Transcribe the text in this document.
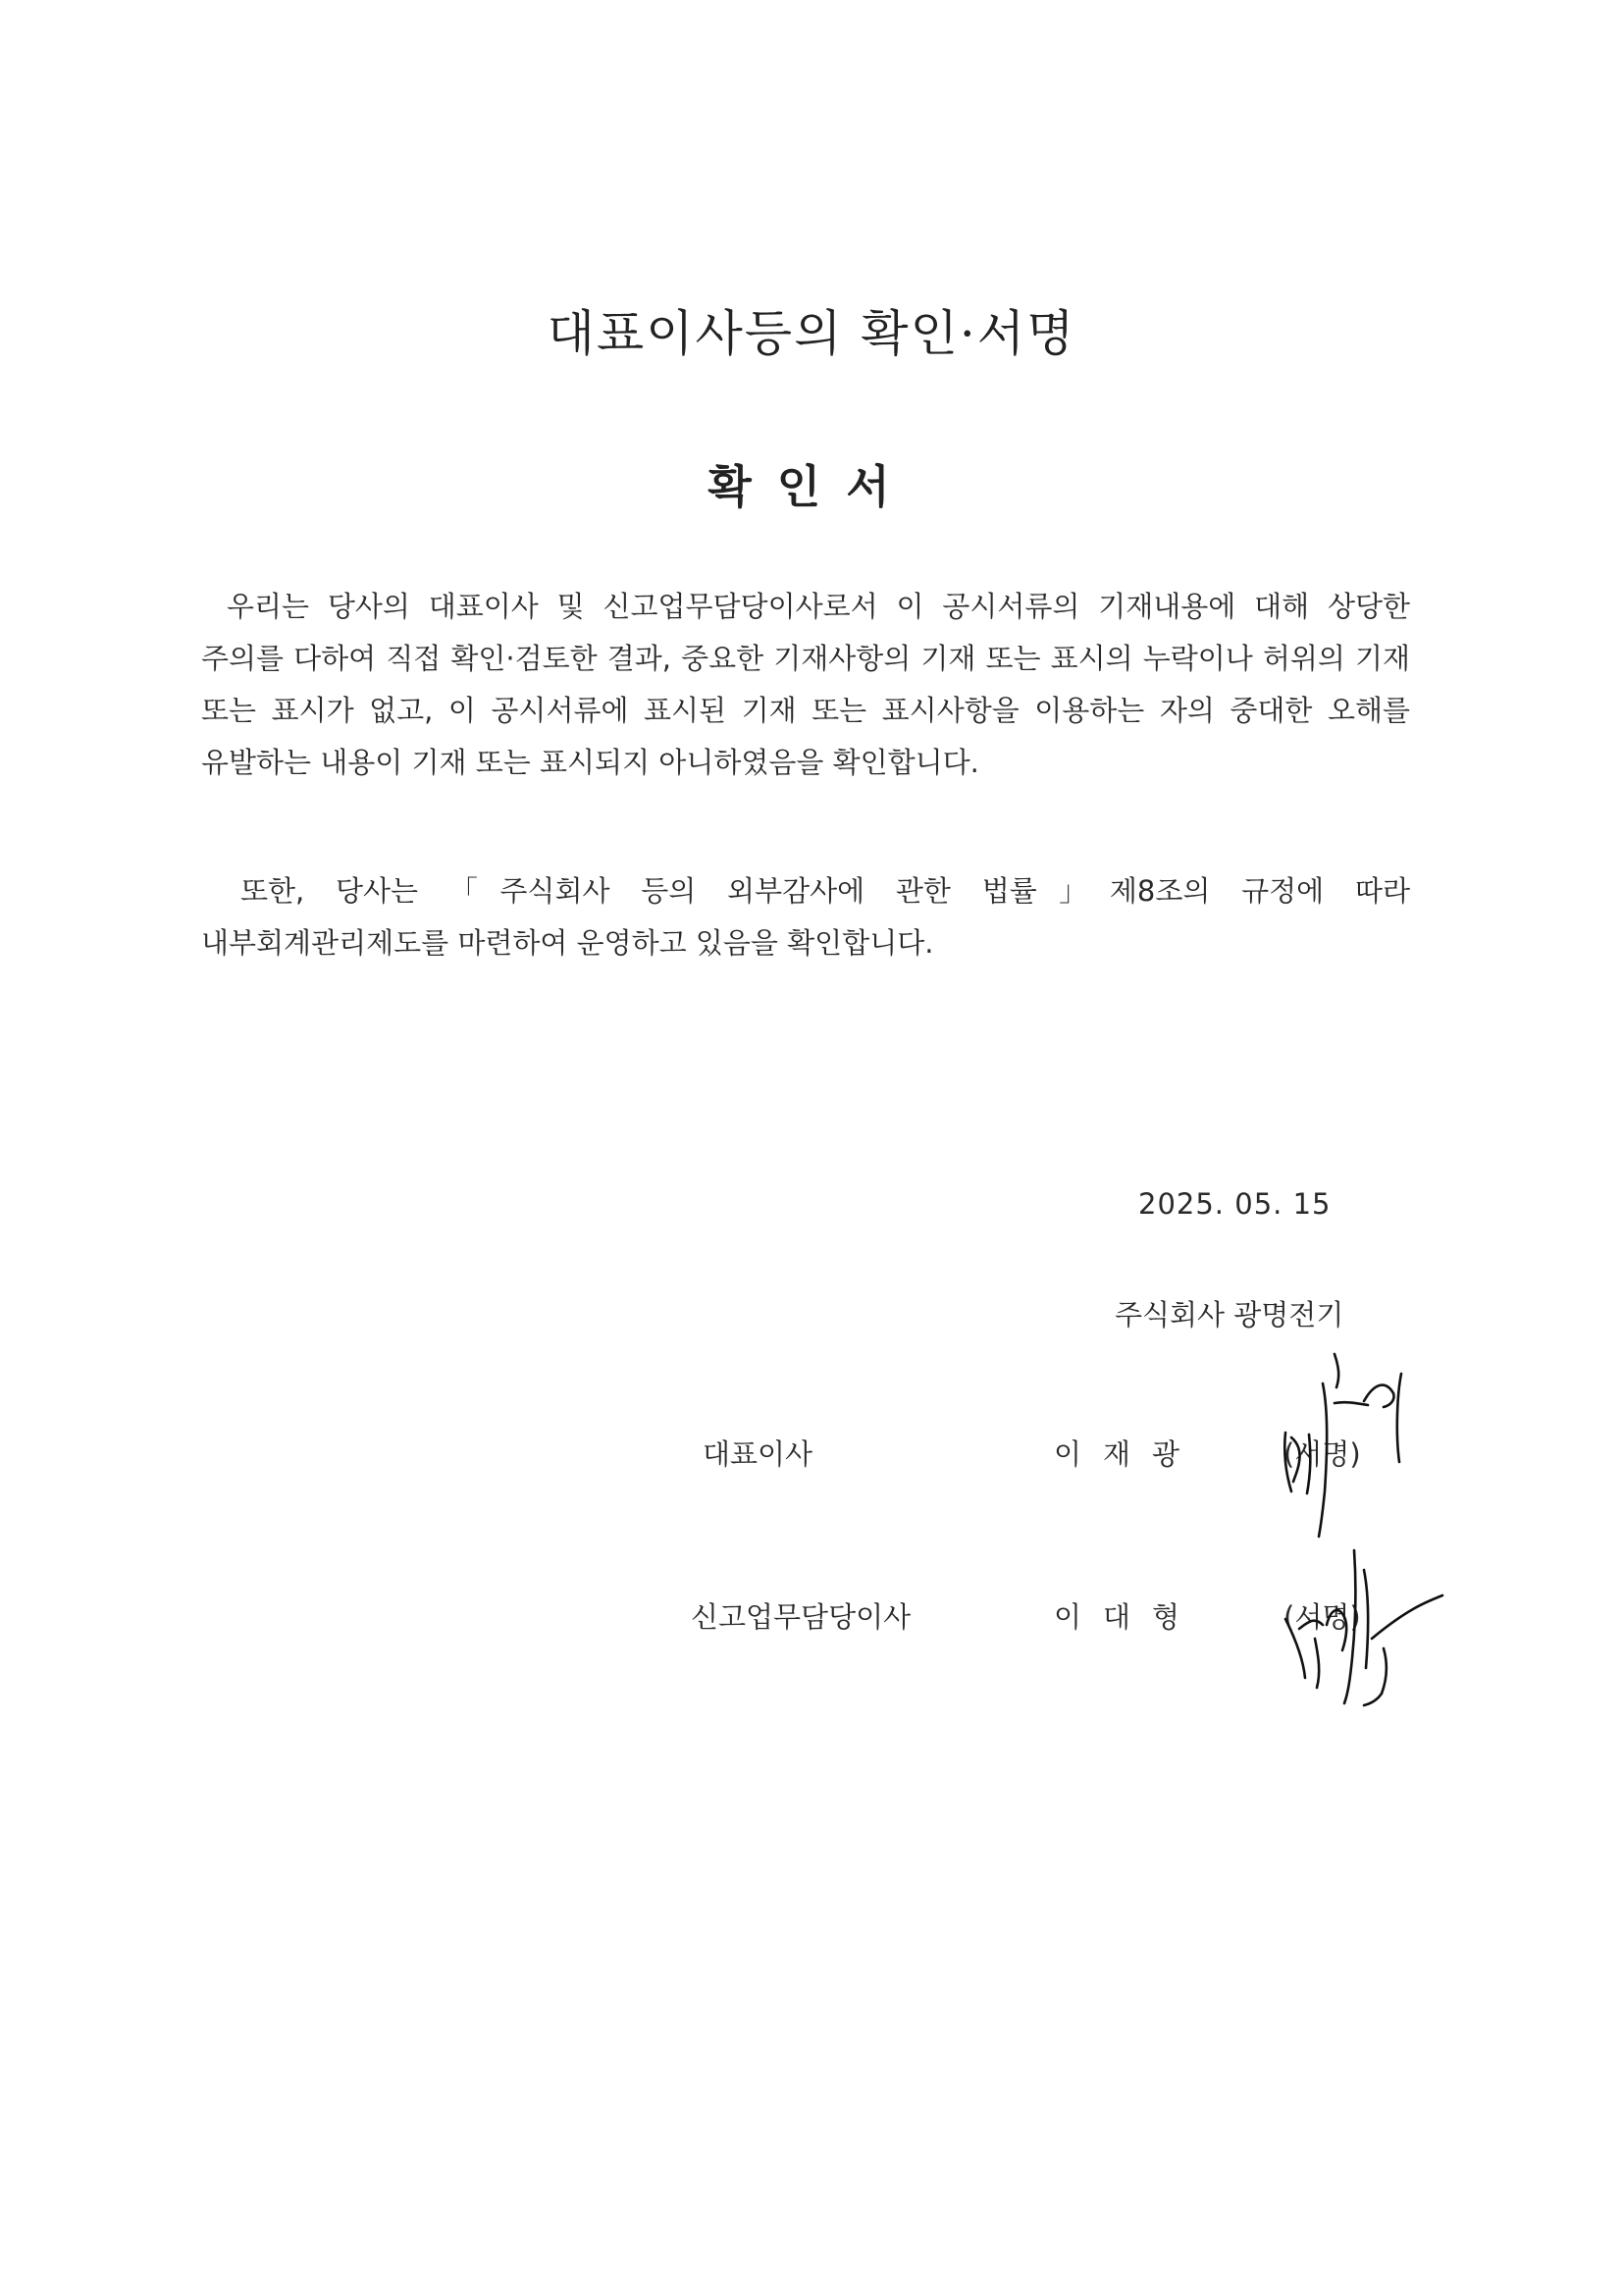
대표이사등의 확인·서명
확인서

우리는 당사의 대표이사 및 신고업무담당이사로서 이 공시서류의 기재내용에 대해 상당한 주의를 다하여 직접 확인·검토한 결과, 중요한 기재사항의 기재 또는 표시의 누락이나 허위의 기재 또는 표시가 없고, 이 공시서류에 표시된 기재 또는 표시사항을 이용하는 자의 중대한 오해를 유발하는 내용이 기재 또는 표시되지 아니하였음을 확인합니다.

또한, 당사는 「주식회사 등의 외부감사에 관한 법률」제8조의 규정에 따라 내부회계관리제도를 마련하여 운영하고 있음을 확인합니다.

2025. 05. 15
주식회사 광명전기
대표이사	이재광	(서명)
신고업무담당이사	이대형	(서명)
